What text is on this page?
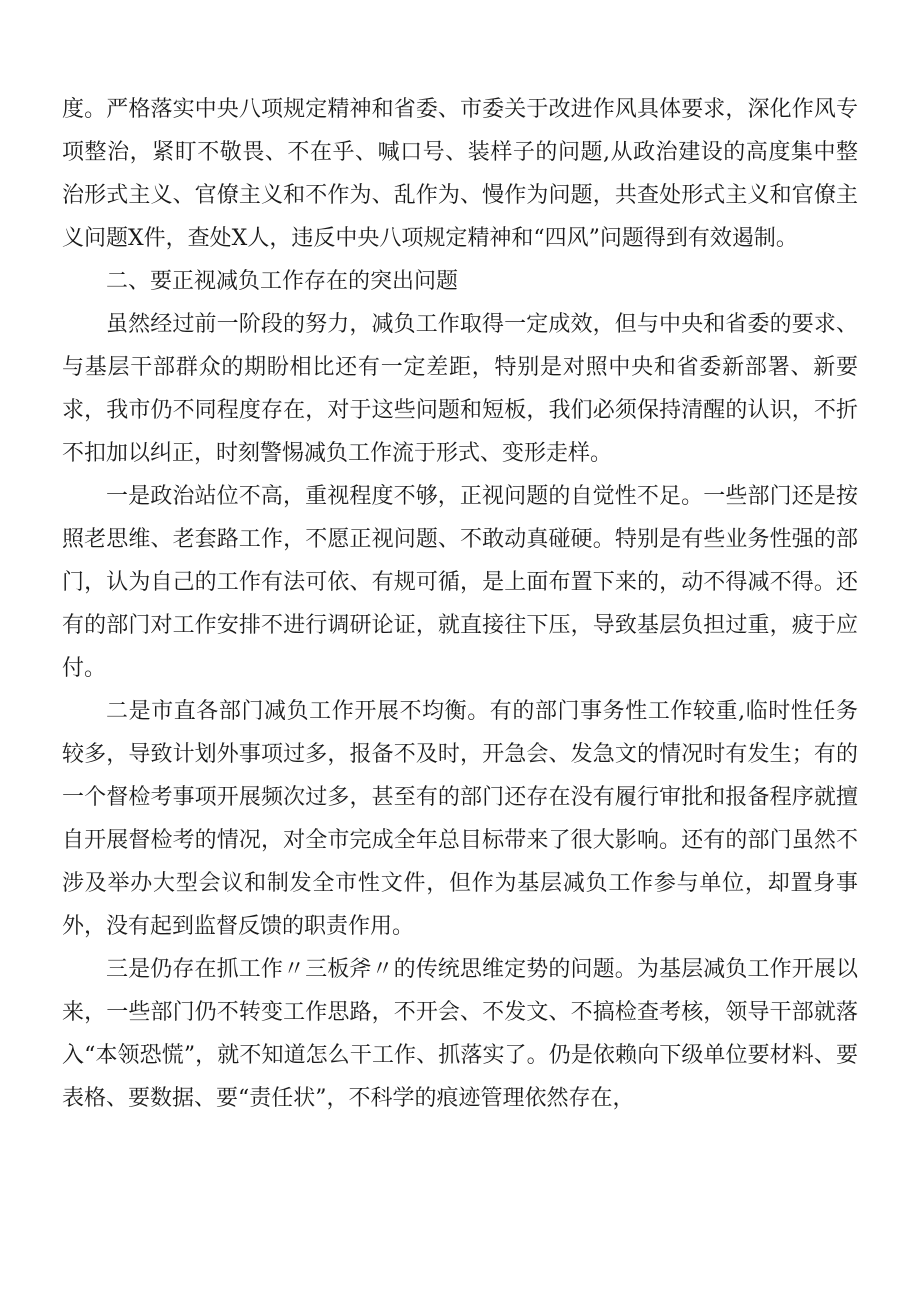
度。严格落实中央八项规定精神和省委、市委关于改进作风具体要求，深化作风专项整治，紧盯不敬畏、不在乎、喊口号、装样子的问题,从政治建设的高度集中整治形式主义、官僚主义和不作为、乱作为、慢作为问题，共查处形式主义和官僚主义问题X件，查处X人，违反中央八项规定精神和“四风”问题得到有效遏制。

二、要正视减负工作存在的突出问题

虽然经过前一阶段的努力，减负工作取得一定成效，但与中央和省委的要求、与基层干部群众的期盼相比还有一定差距，特别是对照中央和省委新部署、新要求，我市仍不同程度存在，对于这些问题和短板，我们必须保持清醒的认识，不折不扣加以纠正，时刻警惕减负工作流于形式、变形走样。

一是政治站位不高，重视程度不够，正视问题的自觉性不足。一些部门还是按照老思维、老套路工作，不愿正视问题、不敢动真碰硬。特别是有些业务性强的部门，认为自己的工作有法可依、有规可循，是上面布置下来的，动不得减不得。还有的部门对工作安排不进行调研论证，就直接往下压，导致基层负担过重，疲于应付。

二是市直各部门减负工作开展不均衡。有的部门事务性工作较重,临时性任务较多，导致计划外事项过多，报备不及时，开急会、发急文的情况时有发生；有的一个督检考事项开展频次过多，甚至有的部门还存在没有履行审批和报备程序就擅自开展督检考的情况，对全市完成全年总目标带来了很大影响。还有的部门虽然不涉及举办大型会议和制发全市性文件，但作为基层减负工作参与单位，却置身事外，没有起到监督反馈的职责作用。

三是仍存在抓工作〃三板斧〃的传统思维定势的问题。为基层减负工作开展以来，一些部门仍不转变工作思路，不开会、不发文、不搞检查考核，领导干部就落入“本领恐慌”，就不知道怎么干工作、抓落实了。仍是依赖向下级单位要材料、要表格、要数据、要“责任状”，不科学的痕迹管理依然存在，
